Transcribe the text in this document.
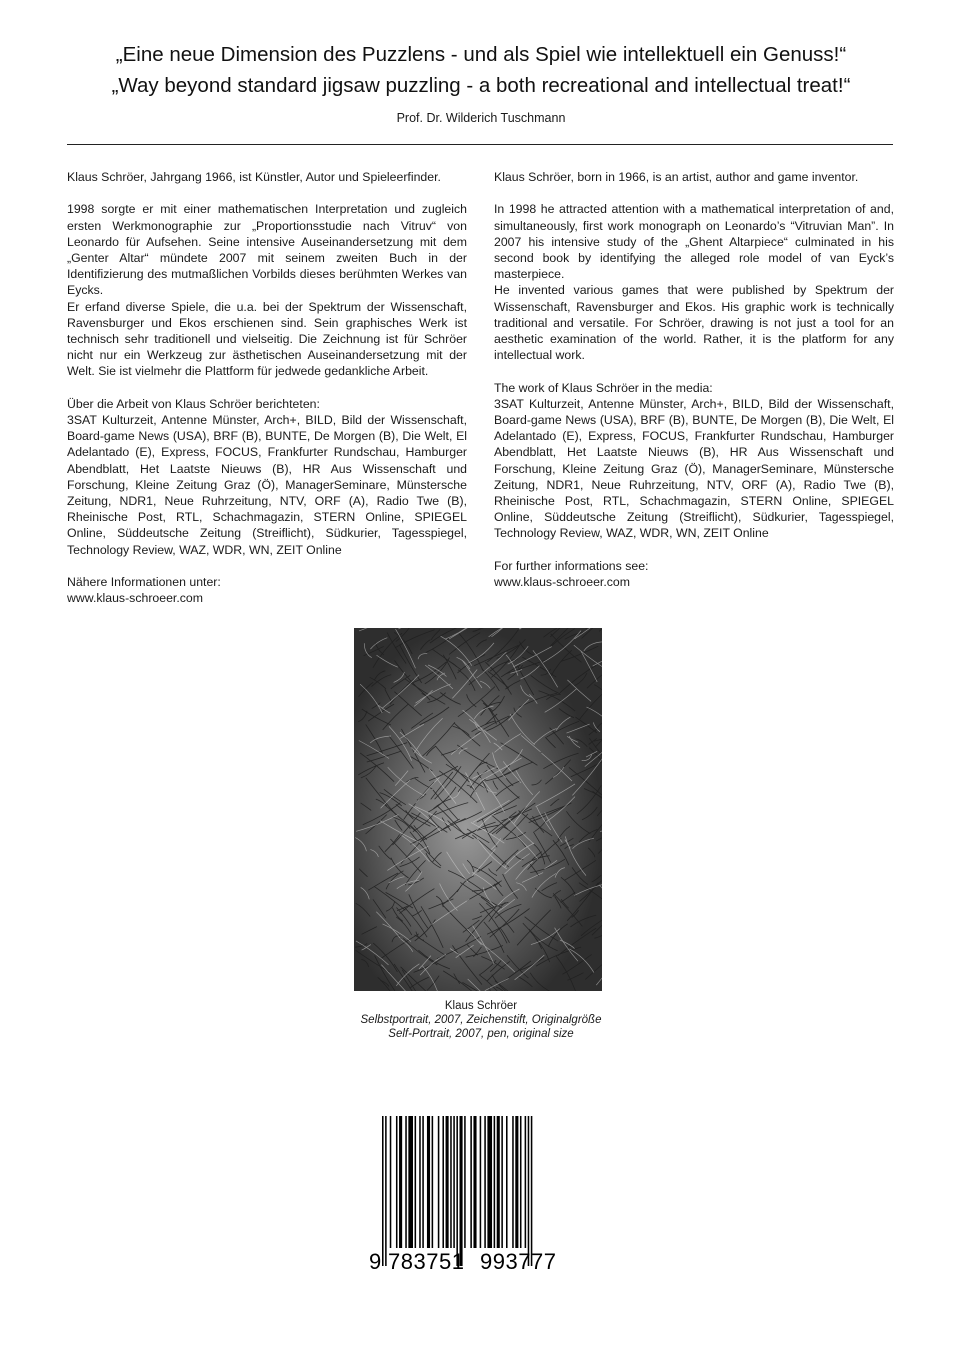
„Eine neue Dimension des Puzzlens - und als Spiel wie intellektuell ein Genuss!“
„Way beyond standard jigsaw puzzling - a both recreational and intellectual treat!“
Prof. Dr. Wilderich Tuschmann

Klaus Schröer, Jahrgang 1966, ist Künstler, Autor und Spieleerfinder.

1998 sorgte er mit einer mathematischen Interpretation und zugleich ersten Werkmonographie zur „Proportionsstudie nach Vitruv“ von Leonardo für Aufsehen. Seine intensive Auseinandersetzung mit dem „Genter Altar“ mündete 2007 mit seinem zweiten Buch in der Identifizierung des mutmaßlichen Vorbilds dieses berühmten Werkes van Eycks.

Er erfand diverse Spiele, die u.a. bei der Spektrum der Wissenschaft, Ravensburger und Ekos erschienen sind. Sein graphisches Werk ist technisch sehr traditionell und vielseitig. Die Zeichnung ist für Schröer nicht nur ein Werkzeug zur ästhetischen Auseinandersetzung mit der Welt. Sie ist vielmehr die Plattform für jedwede gedankliche Arbeit.

Über die Arbeit von Klaus Schröer berichteten:

3SAT Kulturzeit, Antenne Münster, Arch+, BILD, Bild der Wissenschaft, Board-game News (USA), BRF (B), BUNTE, De Morgen (B), Die Welt, El Adelantado (E), Express, FOCUS, Frankfurter Rundschau, Hamburger Abendblatt, Het Laatste Nieuws (B), HR Aus Wissenschaft und Forschung, Kleine Zeitung Graz (Ö), ManagerSeminare, Münstersche Zeitung, NDR1, Neue Ruhrzeitung, NTV, ORF (A), Radio Twe (B), Rheinische Post, RTL, Schachmagazin, STERN Online, SPIEGEL Online, Süddeutsche Zeitung (Streiflicht), Südkurier, Tagesspiegel, Technology Review, WAZ, WDR, WN, ZEIT Online

Nähere Informationen unter:

www.klaus-schroeer.com

Klaus Schröer, born in 1966, is an artist, author and game inventor.

In 1998 he attracted attention with a mathematical interpretation of and, simultaneously, first work monograph on Leonardo’s “Vitruvian Man”. In 2007 his intensive study of the „Ghent Altarpiece“ culminated in his second book by identifying the alleged role model of van Eyck’s masterpiece.

He invented various games that were published by Spektrum der Wissenschaft, Ravensburger and Ekos. His graphic work is technically traditional and versatile. For Schröer, drawing is not just a tool for an aesthetic examination of the world. Rather, it is the platform for any intellectual work.

The work of Klaus Schröer in the media:

3SAT Kulturzeit, Antenne Münster, Arch+, BILD, Bild der Wissenschaft, Board-game News (USA), BRF (B), BUNTE, De Morgen (B), Die Welt, El Adelantado (E), Express, FOCUS, Frankfurter Rundschau, Hamburger Abendblatt, Het Laatste Nieuws (B), HR Aus Wissenschaft und Forschung, Kleine Zeitung Graz (Ö), ManagerSeminare, Münstersche Zeitung, NDR1, Neue Ruhrzeitung, NTV, ORF (A), Radio Twe (B), Rheinische Post, RTL, Schachmagazin, STERN Online, SPIEGEL Online, Süddeutsche Zeitung (Streiflicht), Südkurier, Tagesspiegel, Technology Review, WAZ, WDR, WN, ZEIT Online

For further informations see:

www.klaus-schroeer.com

Klaus Schröer
Selbstportrait, 2007, Zeichenstift, Originalgröße
Self-Portrait, 2007, pen, original size
9 783751 993777
